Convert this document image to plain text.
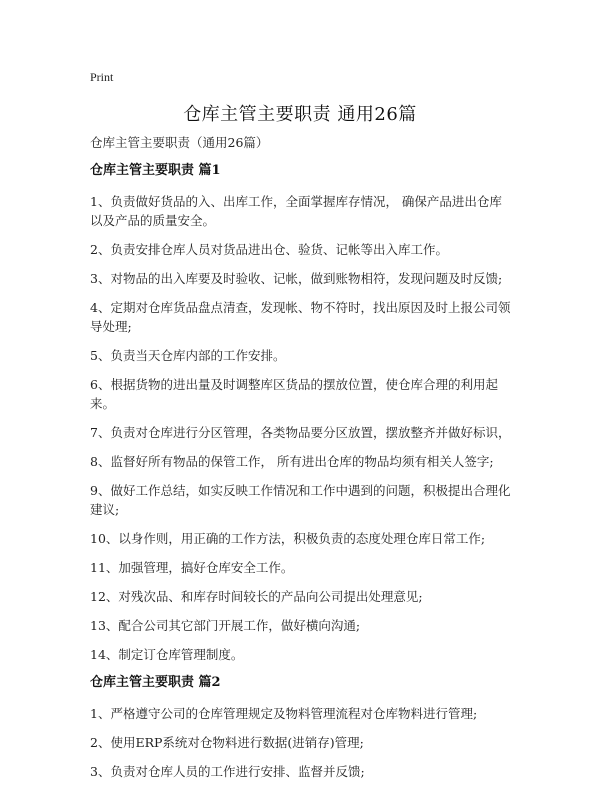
Print
仓库主管主要职责 通用26篇
仓库主管主要职责（通用26篇）
仓库主管主要职责 篇1

1、负责做好货品的入、出库工作，全面掌握库存情况， 确保产品进出仓库以及产品的质量安全。

2、负责安排仓库人员对货品进出仓、验货、记帐等出入库工作。

3、对物品的出入库要及时验收、记帐，做到账物相符，发现问题及时反馈;

4、定期对仓库货品盘点清查，发现帐、物不符时，找出原因及时上报公司领导处理;

5、负责当天仓库内部的工作安排。

6、根据货物的进出量及时调整库区货品的摆放位置，使仓库合理的利用起来。

7、负责对仓库进行分区管理，各类物品要分区放置，摆放整齐并做好标识，

8、监督好所有物品的保管工作， 所有进出仓库的物品均须有相关人签字;

9、做好工作总结，如实反映工作情况和工作中遇到的问题，积极提出合理化建议;

10、以身作则，用正确的工作方法，积极负责的态度处理仓库日常工作;

11、加强管理，搞好仓库安全工作。

12、对残次品、和库存时间较长的产品向公司提出处理意见;

13、配合公司其它部门开展工作，做好横向沟通;

14、制定订仓库管理制度。

仓库主管主要职责 篇2

1、严格遵守公司的仓库管理规定及物料管理流程对仓库物料进行管理;

2、使用ERP系统对仓物料进行数据(进销存)管理;

3、负责对仓库人员的工作进行安排、监督并反馈;
